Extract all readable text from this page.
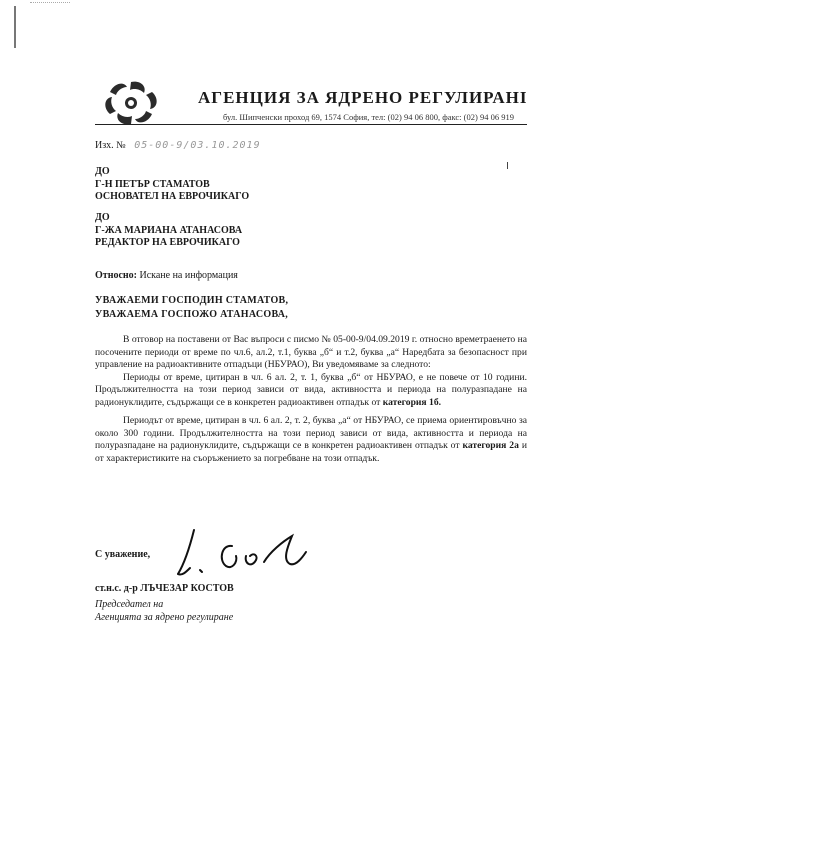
АГЕНЦИЯ ЗА ЯДРЕНО РЕГУЛИРАНІ
бул. Шипченски проход 69, 1574 София, тел: (02) 94 06 800, факс: (02) 94 06 919
Изх. № 05-00-9/03.10.2019
ДО
Г-Н ПЕТЪР СТАМАТОВ
ОСНОВАТЕЛ НА ЕВРОЧИКАГО
ДО
Г-ЖА МАРИАНА АТАНАСОВА
РЕДАКТОР НА ЕВРОЧИКАГО
Относно: Искане на информация
УВАЖАЕМИ ГОСПОДИН СТАМАТОВ,
УВАЖАЕМА ГОСПОЖО АТАНАСОВА,

В отговор на поставени от Вас въпроси с писмо № 05-00-9/04.09.2019 г. относно времетраенето на посочените периоди от време по чл.6, ал.2, т.1, буква „б“ и т.2, буква „а“ Наредбата за безопасност при управление на радиоактивните отпадъци (НБУРАО), Ви уведомяваме за следното:

Периоды от време, цитиран в чл. 6 ал. 2, т. 1, буква „б“ от НБУРАО, е не повече от 10 години. Продължителността на този период зависи от вида, активността и периода на полуразпадане на радионуклидите, съдържащи се в конкретен радиоактивен отпадък от категория 1б.

Периодът от време, цитиран в чл. 6 ал. 2, т. 2, буква „а“ от НБУРАО, се приема ориентировъчно за около 300 години. Продължителността на този период зависи от вида, активността и периода на полуразпадане на радионуклидите, съдържащи се в конкретен радиоактивен отпадък от категория 2а и от характеристиките на съоръжението за погребване на този отпадък.

С уважение,
ст.н.с. д-р ЛЪЧЕЗАР КОСТОВ
Председател на
Агенцията за ядрено регулиране
